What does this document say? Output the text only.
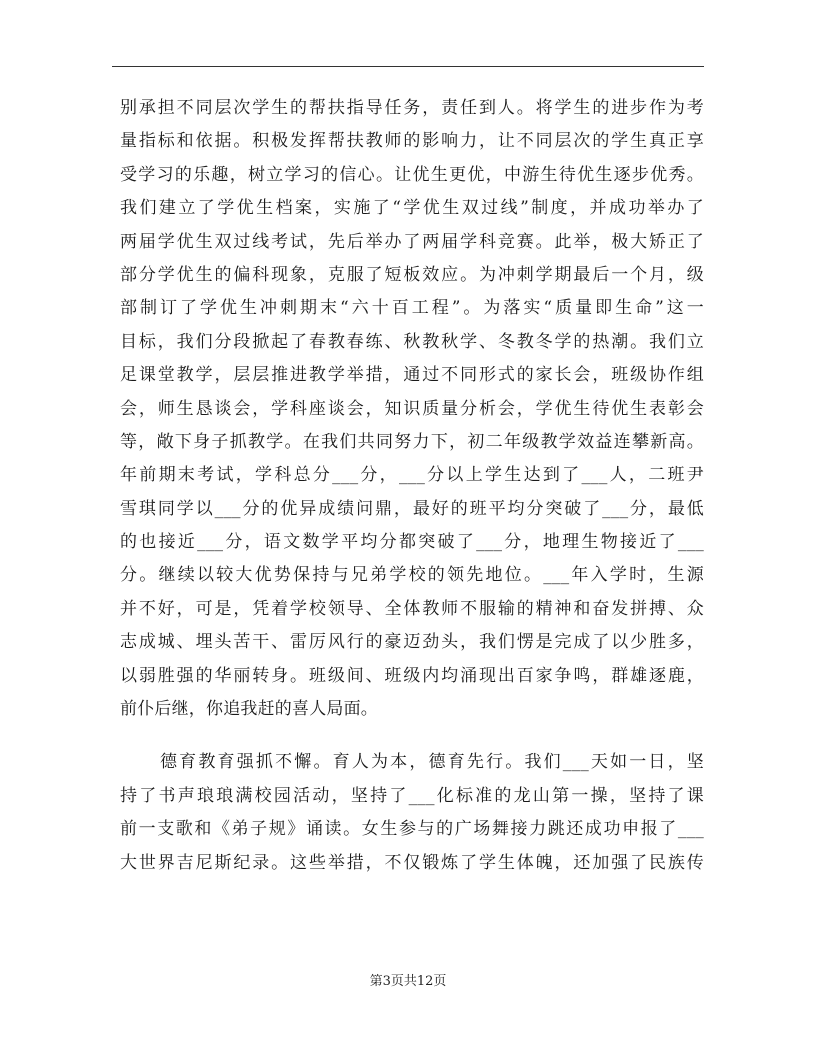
别承担不同层次学生的帮扶指导任务，责任到人。将学生的进步作为考
量指标和依据。积极发挥帮扶教师的影响力，让不同层次的学生真正享
受学习的乐趣，树立学习的信心。让优生更优，中游生待优生逐步优秀。
我们建立了学优生档案，实施了“学优生双过线”制度，并成功举办了
两届学优生双过线考试，先后举办了两届学科竞赛。此举，极大矫正了
部分学优生的偏科现象，克服了短板效应。为冲刺学期最后一个月，级
部制订了学优生冲刺期末“六十百工程”。为落实“质量即生命”这一
目标，我们分段掀起了春教春练、秋教秋学、冬教冬学的热潮。我们立
足课堂教学，层层推进教学举措，通过不同形式的家长会，班级协作组
会，师生恳谈会，学科座谈会，知识质量分析会，学优生待优生表彰会
等，敞下身子抓教学。在我们共同努力下，初二年级教学效益连攀新高。
年前期末考试，学科总分___分，___分以上学生达到了___人，二班尹
雪琪同学以___分的优异成绩问鼎，最好的班平均分突破了___分，最低
的也接近___分，语文数学平均分都突破了___分，地理生物接近了___
分。继续以较大优势保持与兄弟学校的领先地位。___年入学时，生源
并不好，可是，凭着学校领导、全体教师不服输的精神和奋发拼搏、众
志成城、埋头苦干、雷厉风行的豪迈劲头，我们愣是完成了以少胜多，
以弱胜强的华丽转身。班级间、班级内均涌现出百家争鸣，群雄逐鹿，
前仆后继，你追我赶的喜人局面。
德育教育强抓不懈。育人为本，德育先行。我们___天如一日，坚
持了书声琅琅满校园活动，坚持了___化标准的龙山第一操，坚持了课
前一支歌和《弟子规》诵读。女生参与的广场舞接力跳还成功申报了___
大世界吉尼斯纪录。这些举措，不仅锻炼了学生体魄，还加强了民族传
第3页共12页
